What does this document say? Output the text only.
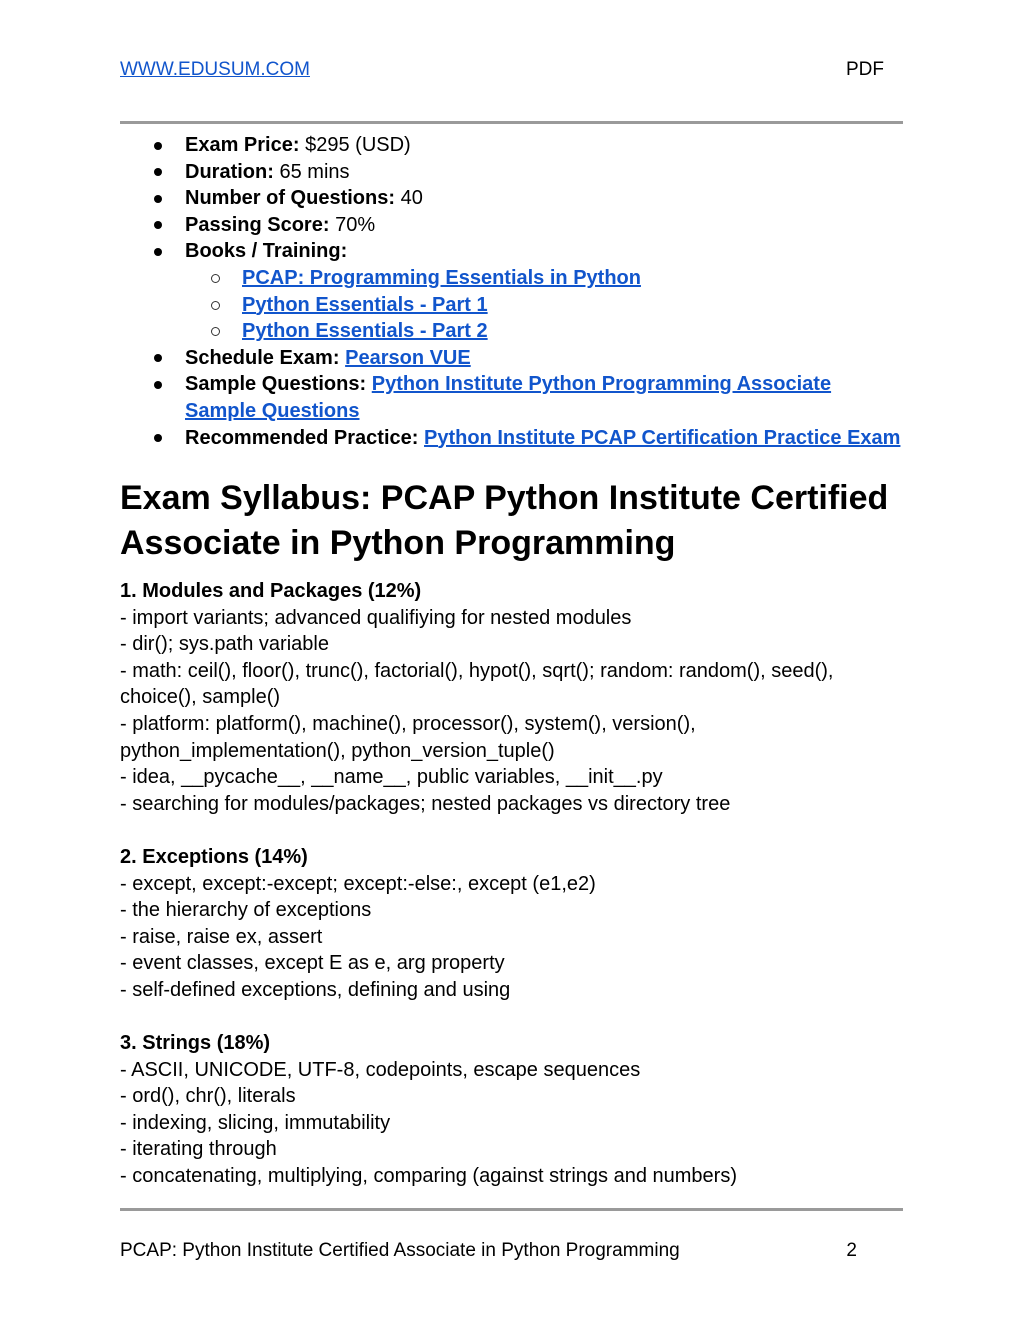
WWW.EDUSUM.COM	PDF
Exam Price: $295 (USD)
Duration: 65 mins
Number of Questions: 40
Passing Score: 70%
Books / Training:
PCAP: Programming Essentials in Python
Python Essentials - Part 1
Python Essentials - Part 2
Schedule Exam: Pearson VUE
Sample Questions: Python Institute Python Programming Associate Sample Questions
Recommended Practice: Python Institute PCAP Certification Practice Exam
Exam Syllabus: PCAP Python Institute Certified Associate in Python Programming
1. Modules and Packages (12%)

- import variants; advanced qualifiying for nested modules

- dir(); sys.path variable

- math: ceil(), floor(), trunc(), factorial(), hypot(), sqrt(); random: random(), seed(), choice(), sample()

- platform: platform(), machine(), processor(), system(), version(), python_implementation(), python_version_tuple()

- idea, __pycache__, __name__, public variables, __init__.py

- searching for modules/packages; nested packages vs directory tree

2. Exceptions (14%)

- except, except:-except; except:-else:, except (e1,e2)

- the hierarchy of exceptions

- raise, raise ex, assert

- event classes, except E as e, arg property

- self-defined exceptions, defining and using

3. Strings (18%)

- ASCII, UNICODE, UTF-8, codepoints, escape sequences

- ord(), chr(), literals

- indexing, slicing, immutability

- iterating through

- concatenating, multiplying, comparing (against strings and numbers)

PCAP: Python Institute Certified Associate in Python Programming	2
